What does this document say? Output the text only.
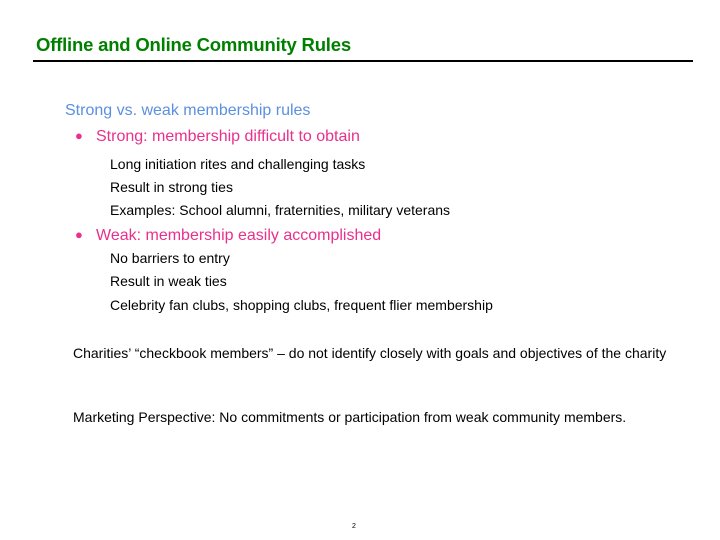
Offline and Online Community Rules
Strong vs. weak membership rules
● Strong: membership difficult to obtain
Long initiation rites and challenging tasks
Result in strong ties
Examples: School alumni, fraternities, military veterans
● Weak: membership easily accomplished
No barriers to entry
Result in weak ties
Celebrity fan clubs, shopping clubs, frequent flier membership
Charities’ “checkbook members” – do not identify closely with goals and objectives of the charity
Marketing Perspective: No commitments or participation from weak community members.
2
